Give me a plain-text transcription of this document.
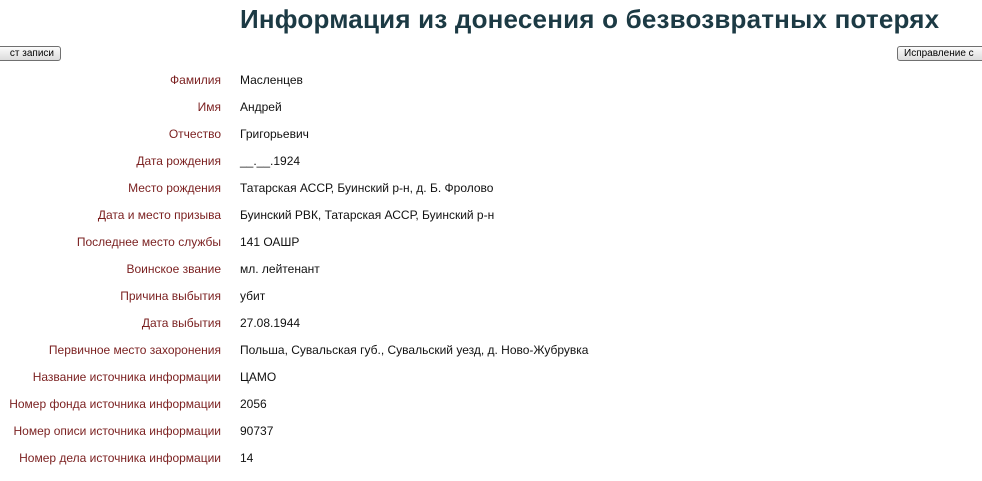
Информация из донесения о безвозвратных потерях
ст записи	Исправление с
Фамилия Масленцев
Имя Андрей
Отчество Григорьевич
Дата рождения __.__.1924
Место рождения Татарская АССР, Буинский р-н, д. Б. Фролово
Дата и место призыва Буинский РВК, Татарская АССР, Буинский р-н
Последнее место службы 141 ОАШР
Воинское звание мл. лейтенант
Причина выбытия убит
Дата выбытия 27.08.1944
Первичное место захоронения Польша, Сувальская губ., Сувальский уезд, д. Ново-Жубрувка
Название источника информации ЦАМО
Номер фонда источника информации 2056
Номер описи источника информации 90737
Номер дела источника информации 14
